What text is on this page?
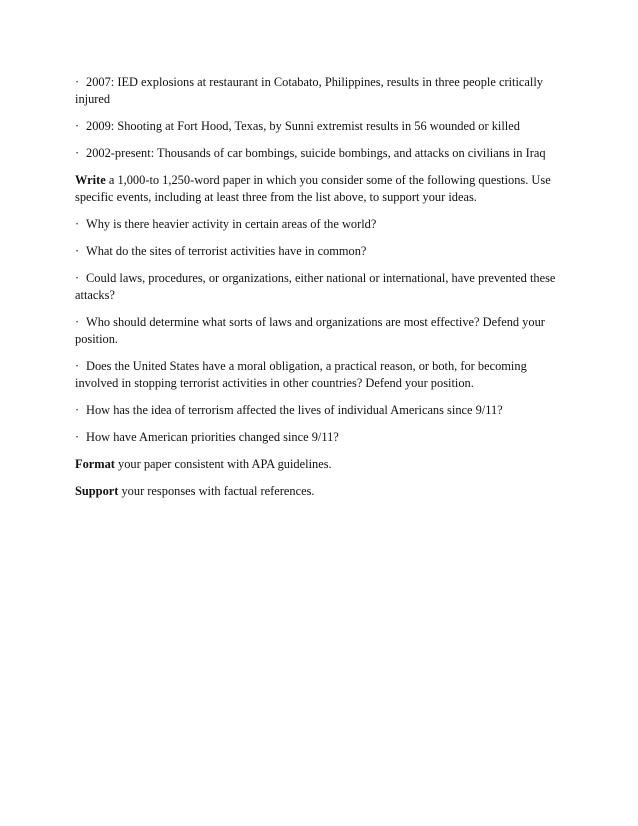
· 2007: IED explosions at restaurant in Cotabato, Philippines, results in three people critically injured

· 2009: Shooting at Fort Hood, Texas, by Sunni extremist results in 56 wounded or killed

· 2002-present: Thousands of car bombings, suicide bombings, and attacks on civilians in Iraq

Write a 1,000-to 1,250-word paper in which you consider some of the following questions. Use specific events, including at least three from the list above, to support your ideas.

· Why is there heavier activity in certain areas of the world?

· What do the sites of terrorist activities have in common?

· Could laws, procedures, or organizations, either national or international, have prevented these attacks?

· Who should determine what sorts of laws and organizations are most effective? Defend your position.

· Does the United States have a moral obligation, a practical reason, or both, for becoming involved in stopping terrorist activities in other countries? Defend your position.

· How has the idea of terrorism affected the lives of individual Americans since 9/11?

· How have American priorities changed since 9/11?

Format your paper consistent with APA guidelines.

Support your responses with factual references.
